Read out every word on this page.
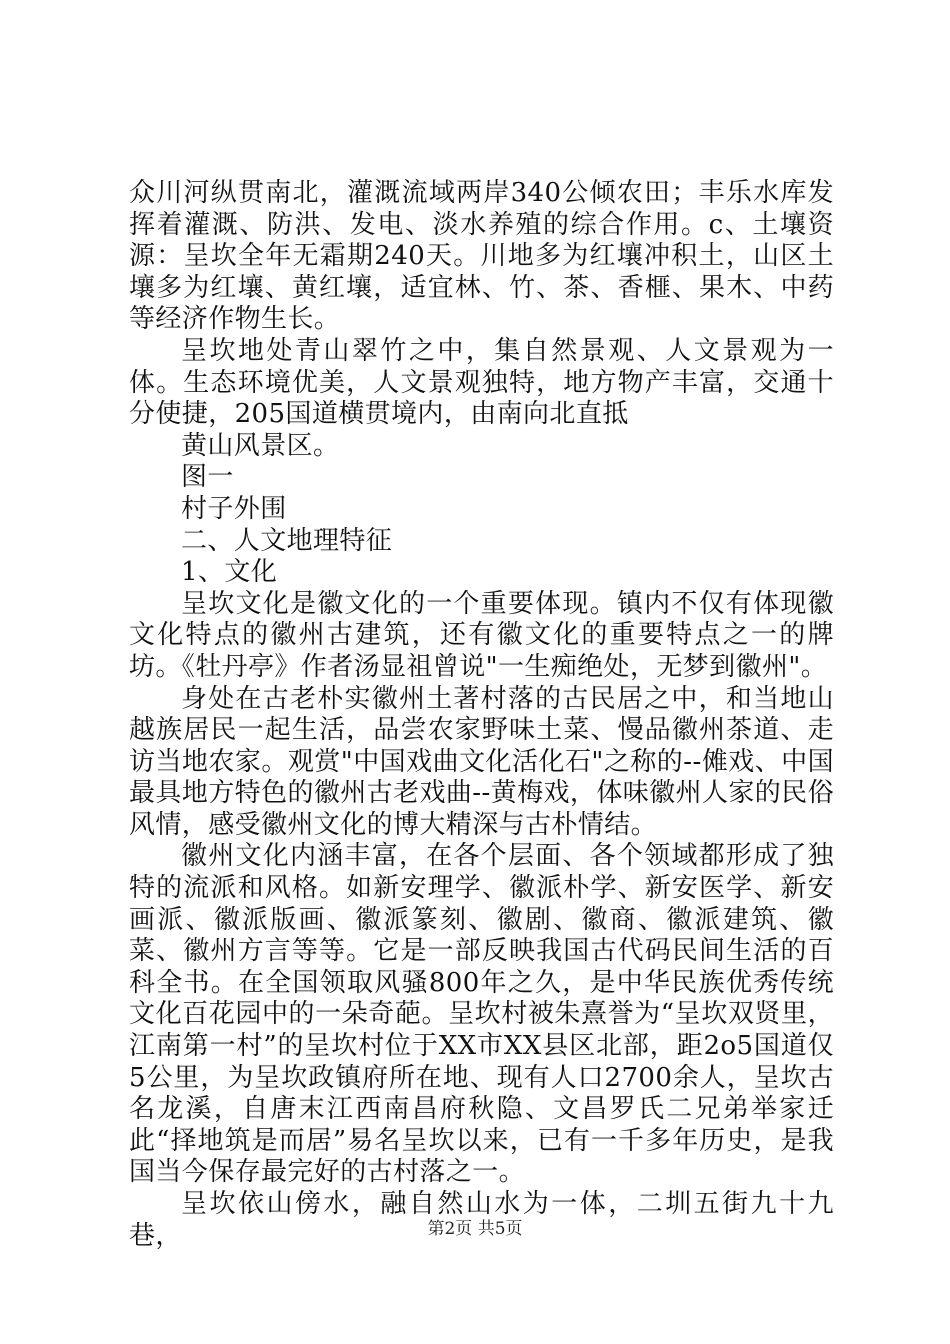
众川河纵贯南北，灌溉流域两岸340公倾农田；丰乐水库发挥着灌溉、防洪、发电、淡水养殖的综合作用。c、土壤资源：呈坎全年无霜期240天。川地多为红壤冲积土，山区土壤多为红壤、黄红壤，适宜林、竹、茶、香榧、果木、中药等经济作物生长。

呈坎地处青山翠竹之中，集自然景观、人文景观为一体。生态环境优美，人文景观独特，地方物产丰富，交通十分使捷，205国道横贯境内，由南向北直抵

黄山风景区。

图一

村子外围

二、人文地理特征

1、文化

呈坎文化是徽文化的一个重要体现。镇内不仅有体现徽文化特点的徽州古建筑，还有徽文化的重要特点之一的牌坊。《牡丹亭》作者汤显祖曾说"一生痴绝处，无梦到徽州"。

身处在古老朴实徽州土著村落的古民居之中，和当地山越族居民一起生活，品尝农家野味土菜、慢品徽州茶道、走访当地农家。观赏"中国戏曲文化活化石"之称的--傩戏、中国最具地方特色的徽州古老戏曲--黄梅戏，体味徽州人家的民俗风情，感受徽州文化的博大精深与古朴情结。

徽州文化内涵丰富，在各个层面、各个领域都形成了独特的流派和风格。如新安理学、徽派朴学、新安医学、新安画派、徽派版画、徽派篆刻、徽剧、徽商、徽派建筑、徽菜、徽州方言等等。它是一部反映我国古代码民间生活的百科全书。在全国领取风骚800年之久，是中华民族优秀传统文化百花园中的一朵奇葩。呈坎村被朱熹誉为“呈坎双贤里，江南第一村”的呈坎村位于XX市XX县区北部，距2o5国道仅5公里，为呈坎政镇府所在地、现有人口2700余人，呈坎古名龙溪，自唐末江西南昌府秋隐、文昌罗氏二兄弟举家迁此“择地筑是而居”易名呈坎以来，已有一千多年历史，是我国当今保存最完好的古村落之一。

呈坎依山傍水，融自然山水为一体，二圳五街九十九巷，	第2页 共5页
